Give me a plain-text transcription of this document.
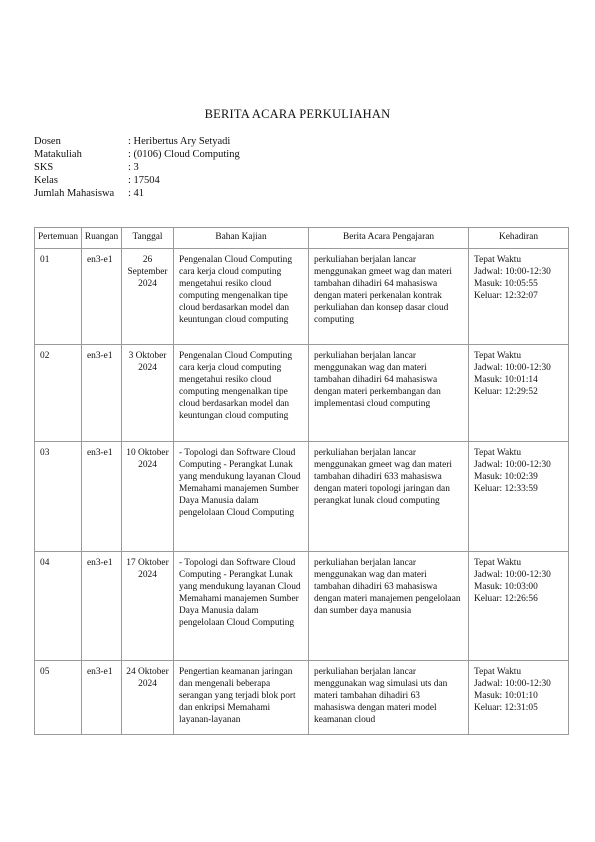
BERITA ACARA PERKULIAHAN
Dosen	: Heribertus Ary Setyadi
Matakuliah	: (0106) Cloud Computing
SKS	: 3
Kelas	: 17504
Jumlah Mahasiswa	: 41
Pertemuan	Ruangan	Tanggal	Bahan Kajian	Berita Acara Pengajaran	Kehadiran
01	en3-e1	26 September 2024	Pengenalan Cloud Computing cara kerja cloud computing mengetahui resiko cloud computing mengenalkan tipe cloud berdasarkan model dan keuntungan cloud computing	perkuliahan berjalan lancar menggunakan gmeet wag dan materi tambahan dihadiri 64 mahasiswa dengan materi perkenalan kontrak perkuliahan dan konsep dasar cloud computing	Tepat Waktu
Jadwal: 10:00-12:30
Masuk: 10:05:55
Keluar: 12:32:07

02	en3-e1	3 Oktober 2024	Pengenalan Cloud Computing cara kerja cloud computing mengetahui resiko cloud computing mengenalkan tipe cloud berdasarkan model dan keuntungan cloud computing	perkuliahan berjalan lancar menggunakan wag dan materi tambahan dihadiri 64 mahasiswa dengan materi perkembangan dan implementasi cloud computing	Tepat Waktu
Jadwal: 10:00-12:30
Masuk: 10:01:14
Keluar: 12:29:52

03	en3-e1	10 Oktober 2024	- Topologi dan Software Cloud Computing - Perangkat Lunak yang mendukung layanan Cloud Memahami manajemen Sumber Daya Manusia dalam pengelolaan Cloud Computing	perkuliahan berjalan lancar menggunakan gmeet wag dan materi tambahan dihadiri 633 mahasiswa dengan materi topologi jaringan dan perangkat lunak cloud computing	Tepat Waktu
Jadwal: 10:00-12:30
Masuk: 10:02:39
Keluar: 12:33:59

04	en3-e1	17 Oktober 2024	- Topologi dan Software Cloud Computing - Perangkat Lunak yang mendukung layanan Cloud Memahami manajemen Sumber Daya Manusia dalam pengelolaan Cloud Computing	perkuliahan berjalan lancar menggunakan wag dan materi tambahan dihadiri 63 mahasiswa dengan materi manajemen pengelolaan dan sumber daya manusia	Tepat Waktu
Jadwal: 10:00-12:30
Masuk: 10:03:00
Keluar: 12:26:56

05	en3-e1	24 Oktober 2024	Pengertian keamanan jaringan dan mengenali beberapa serangan yang terjadi blok port dan enkripsi Memahami layanan-layanan	perkuliahan berjalan lancar menggunakan wag simulasi uts dan materi tambahan dihadiri 63 mahasiswa dengan materi model keamanan cloud	Tepat Waktu
Jadwal: 10:00-12:30
Masuk: 10:01:10
Keluar: 12:31:05
